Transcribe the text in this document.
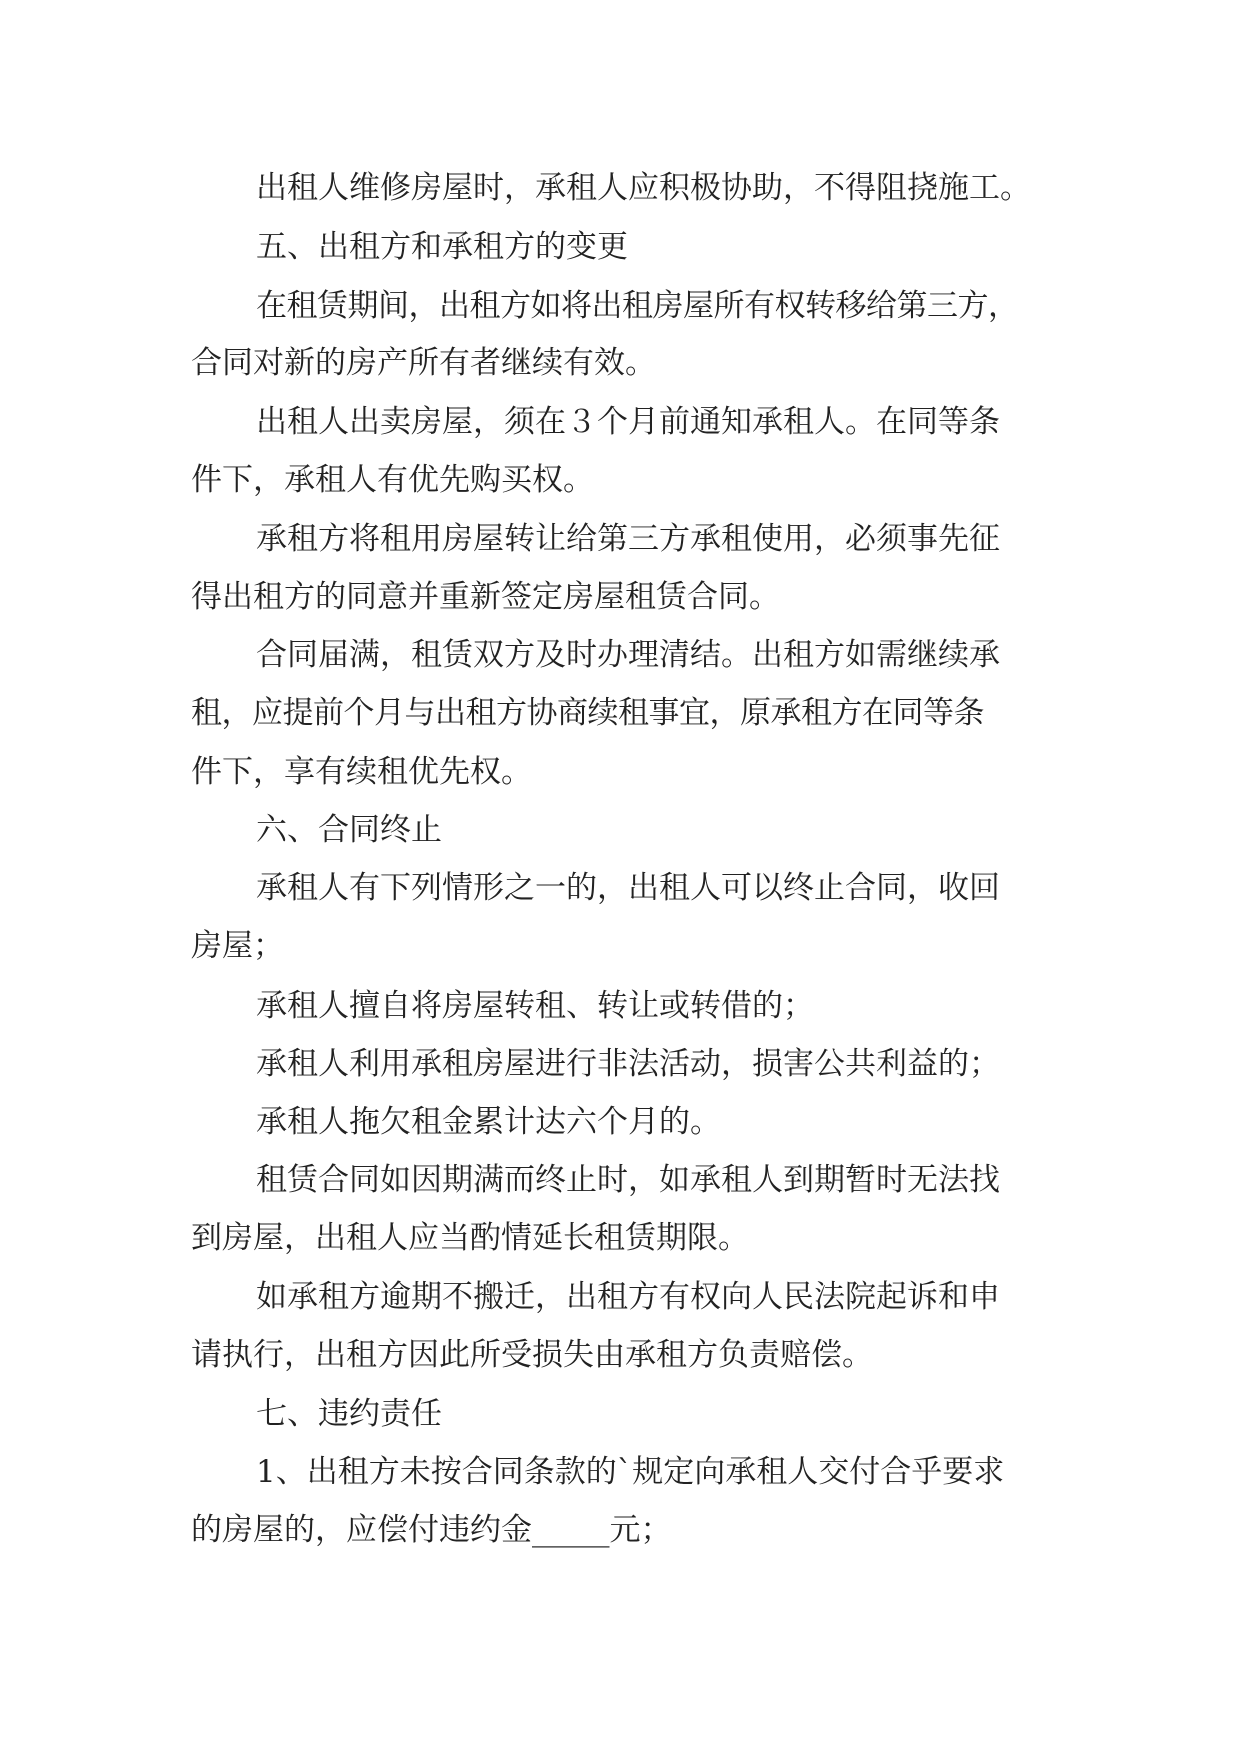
出租人维修房屋时，承租人应积极协助，不得阻挠施工。
五、出租方和承租方的变更
在租赁期间，出租方如将出租房屋所有权转移给第三方，
合同对新的房产所有者继续有效。
出租人出卖房屋，须在３个月前通知承租人。在同等条
件下，承租人有优先购买权。
承租方将租用房屋转让给第三方承租使用，必须事先征
得出租方的同意并重新签定房屋租赁合同。
合同届满，租赁双方及时办理清结。出租方如需继续承
租，应提前个月与出租方协商续租事宜，原承租方在同等条
件下，享有续租优先权。
六、合同终止
承租人有下列情形之一的，出租人可以终止合同，收回
房屋；
承租人擅自将房屋转租、转让或转借的；
承租人利用承租房屋进行非法活动，损害公共利益的；
承租人拖欠租金累计达六个月的。
租赁合同如因期满而终止时，如承租人到期暂时无法找
到房屋，出租人应当酌情延长租赁期限。
如承租方逾期不搬迁，出租方有权向人民法院起诉和申
请执行，出租方因此所受损失由承租方负责赔偿。
七、违约责任
1、出租方未按合同条款的`规定向承租人交付合乎要求
的房屋的，应偿付违约金_____元；
